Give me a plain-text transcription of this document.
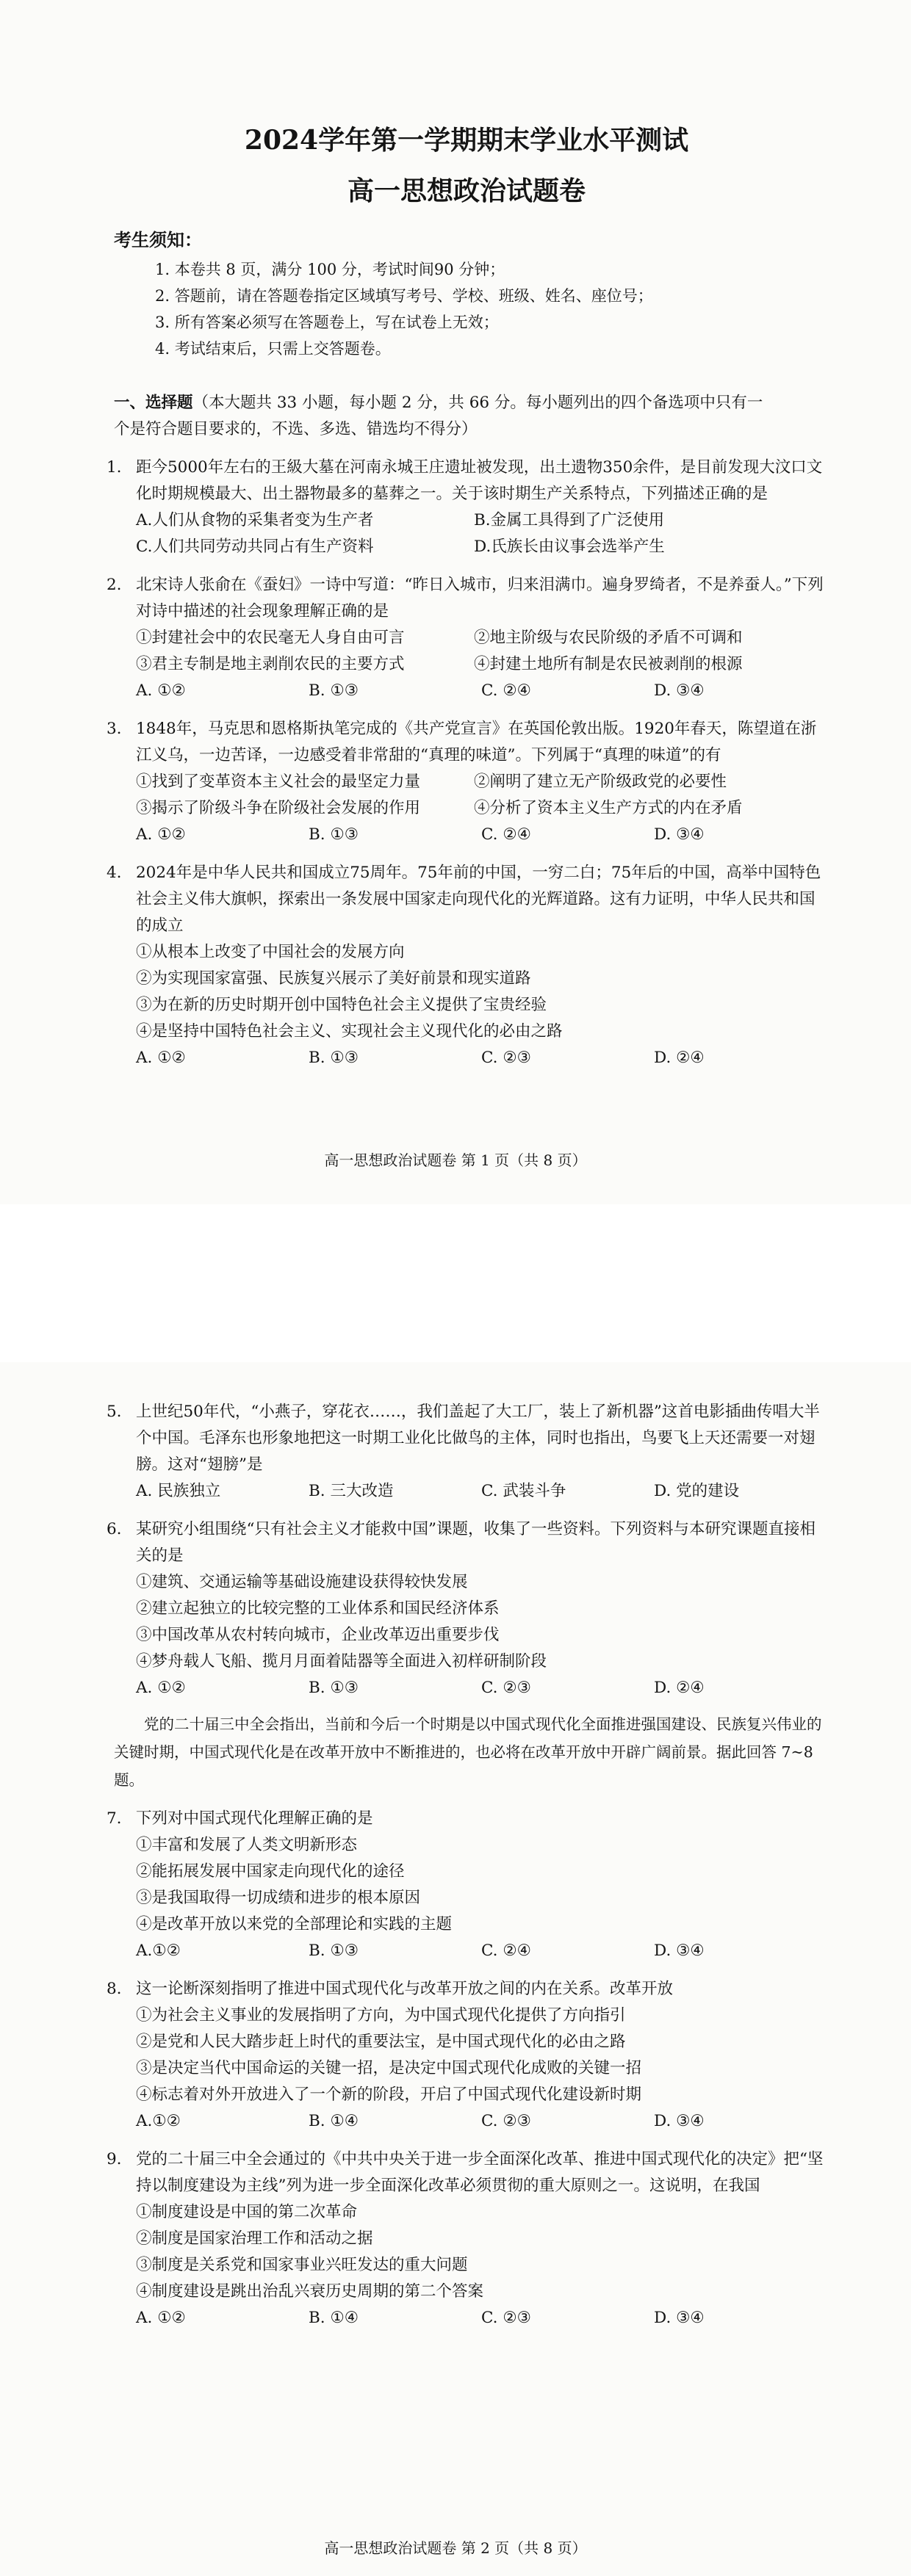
2024学年第一学期期末学业水平测试
高一思想政治试题卷
考生须知：
1. 本卷共 8 页，满分 100 分，考试时间90 分钟；
2. 答题前，请在答题卷指定区域填写考号、学校、班级、姓名、座位号；
3. 所有答案必须写在答题卷上，写在试卷上无效；
4. 考试结束后，只需上交答题卷。
一、选择题（本大题共 33 小题，每小题 2 分，共 66 分。每小题列出的四个备选项中只有一
个是符合题目要求的，不选、多选、错选均不得分）
1. 距今5000年左右的王級大墓在河南永城王庄遗址被发现，出土遗物350余件，是目前发现大汶口文化时期规模最大、出土器物最多的墓葬之一。关于该时期生产关系特点，下列描述正确的是
A.人们从食物的采集者变为生产者	B.金属工具得到了广泛使用
C.人们共同劳动共同占有生产资料	D.氏族长由议事会选举产生
2. 北宋诗人张俞在《蚕妇》一诗中写道：“昨日入城市，归来泪满巾。遍身罗绮者，不是养蚕人。”下列对诗中描述的社会现象理解正确的是
①封建社会中的农民毫无人身自由可言	②地主阶级与农民阶级的矛盾不可调和
③君主专制是地主剥削农民的主要方式	④封建土地所有制是农民被剥削的根源
A. ①②	B. ①③	C. ②④	D. ③④
3. 1848年，马克思和恩格斯执笔完成的《共产党宣言》在英国伦敦出版。1920年春天，陈望道在浙江义乌，一边苦译，一边感受着非常甜的“真理的味道”。下列属于“真理的味道”的有
①找到了变革资本主义社会的最坚定力量	②阐明了建立无产阶级政党的必要性
③揭示了阶级斗争在阶级社会发展的作用	④分析了资本主义生产方式的内在矛盾
A. ①②	B. ①③	C. ②④	D. ③④
4. 2024年是中华人民共和国成立75周年。75年前的中国，一穷二白；75年后的中国，高举中国特色社会主义伟大旗帜，探索出一条发展中国家走向现代化的光辉道路。这有力证明，中华人民共和国的成立
①从根本上改变了中国社会的发展方向
②为实现国家富强、民族复兴展示了美好前景和现实道路
③为在新的历史时期开创中国特色社会主义提供了宝贵经验
④是坚持中国特色社会主义、实现社会主义现代化的必由之路
A. ①②	B. ①③	C. ②③	D. ②④
高一思想政治试题卷 第 1 页（共 8 页）
5. 上世纪50年代，“小燕子，穿花衣……，我们盖起了大工厂，装上了新机器”这首电影插曲传唱大半个中国。毛泽东也形象地把这一时期工业化比做鸟的主体，同时也指出，鸟要飞上天还需要一对翅膀。这对“翅膀”是
A. 民族独立	B. 三大改造	C. 武装斗争	D. 党的建设
6. 某研究小组围绕“只有社会主义才能救中国”课题，收集了一些资料。下列资料与本研究课题直接相关的是
①建筑、交通运输等基础设施建设获得较快发展
②建立起独立的比较完整的工业体系和国民经济体系
③中国改革从农村转向城市，企业改革迈出重要步伐
④梦舟载人飞船、揽月月面着陆器等全面进入初样研制阶段
A. ①②	B. ①③	C. ②③	D. ②④
党的二十届三中全会指出，当前和今后一个时期是以中国式现代化全面推进强国建设、民族复兴伟业的关键时期，中国式现代化是在改革开放中不断推进的，也必将在改革开放中开辟广阔前景。据此回答 7~8 题。
7. 下列对中国式现代化理解正确的是
①丰富和发展了人类文明新形态
②能拓展发展中国家走向现代化的途径
③是我国取得一切成绩和进步的根本原因
④是改革开放以来党的全部理论和实践的主题
A.①②	B. ①③	C. ②④	D. ③④
8. 这一论断深刻指明了推进中国式现代化与改革开放之间的内在关系。改革开放
①为社会主义事业的发展指明了方向，为中国式现代化提供了方向指引
②是党和人民大踏步赶上时代的重要法宝，是中国式现代化的必由之路
③是决定当代中国命运的关键一招，是决定中国式现代化成败的关键一招
④标志着对外开放进入了一个新的阶段，开启了中国式现代化建设新时期
A.①②	B. ①④	C. ②③	D. ③④
9. 党的二十届三中全会通过的《中共中央关于进一步全面深化改革、推进中国式现代化的决定》把“坚持以制度建设为主线”列为进一步全面深化改革必须贯彻的重大原则之一。这说明，在我国
①制度建设是中国的第二次革命
②制度是国家治理工作和活动之据
③制度是关系党和国家事业兴旺发达的重大问题
④制度建设是跳出治乱兴衰历史周期的第二个答案
A. ①②	B. ①④	C. ②③	D. ③④
高一思想政治试题卷 第 2 页（共 8 页）
